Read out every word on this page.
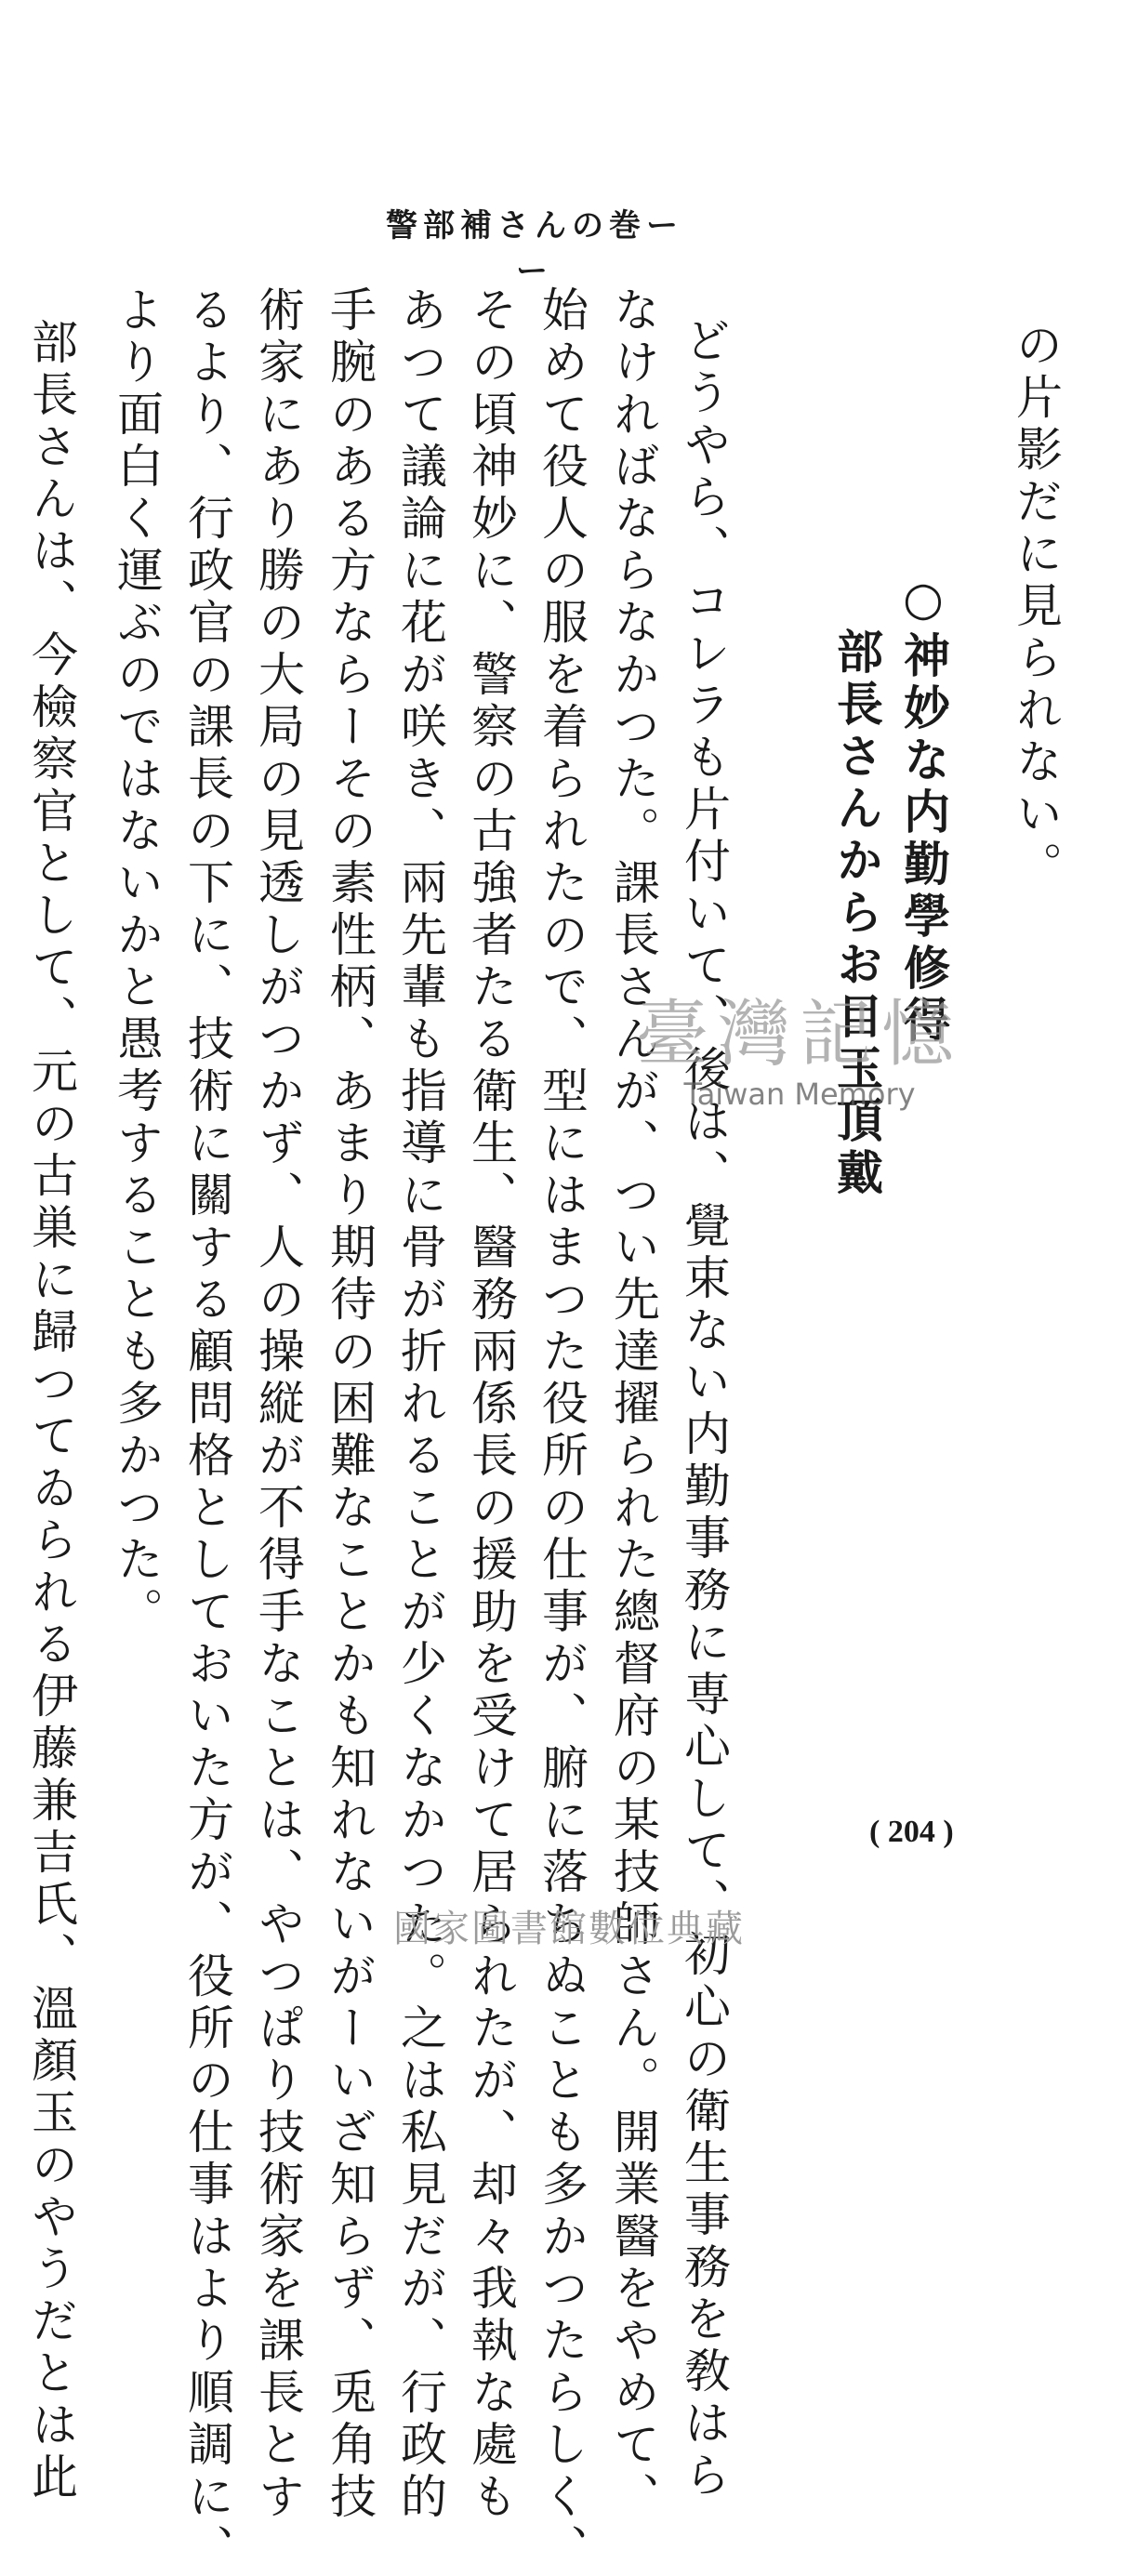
ー巻のんさ補部警ー
の片影だに見られない。
○神妙な内勤學修得
部長さんからお目玉頂戴
どうやら、コレラも片付いて、後は、覺束ない内勤事務に専心して、初心の衛生事務を敎はら
なければならなかつた。課長さんが、つい先達擢られた總督府の某技師さん。開業醫をやめて、
始めて役人の服を着られたので、型にはまつた役所の仕事が、腑に落ちぬことも多かつたらしく、
その頃神妙に、警察の古強者たる衛生、醫務兩係長の援助を受けて居られたが、却々我執な處も
あつて議論に花が咲き、兩先輩も指導に骨が折れることが少くなかつた。之は私見だが、行政的
手腕のある方ならーその素性柄、あまり期待の困難なことかも知れないがーいざ知らず、兎角技
術家にあり勝の大局の見透しがつかず、人の操縦が不得手なことは、やつぱり技術家を課長とす
るより、行政官の課長の下に、技術に關する顧問格としておいた方が、役所の仕事はより順調に、
より面白く運ぶのではないかと愚考することも多かつた。
部長さんは、今檢察官として、元の古巣に歸つてゐられる伊藤兼吉氏、溫顏玉のやうだとは此	臺灣記憶
Taiwan Memory
( 204 )
國家圖書館數位典藏
